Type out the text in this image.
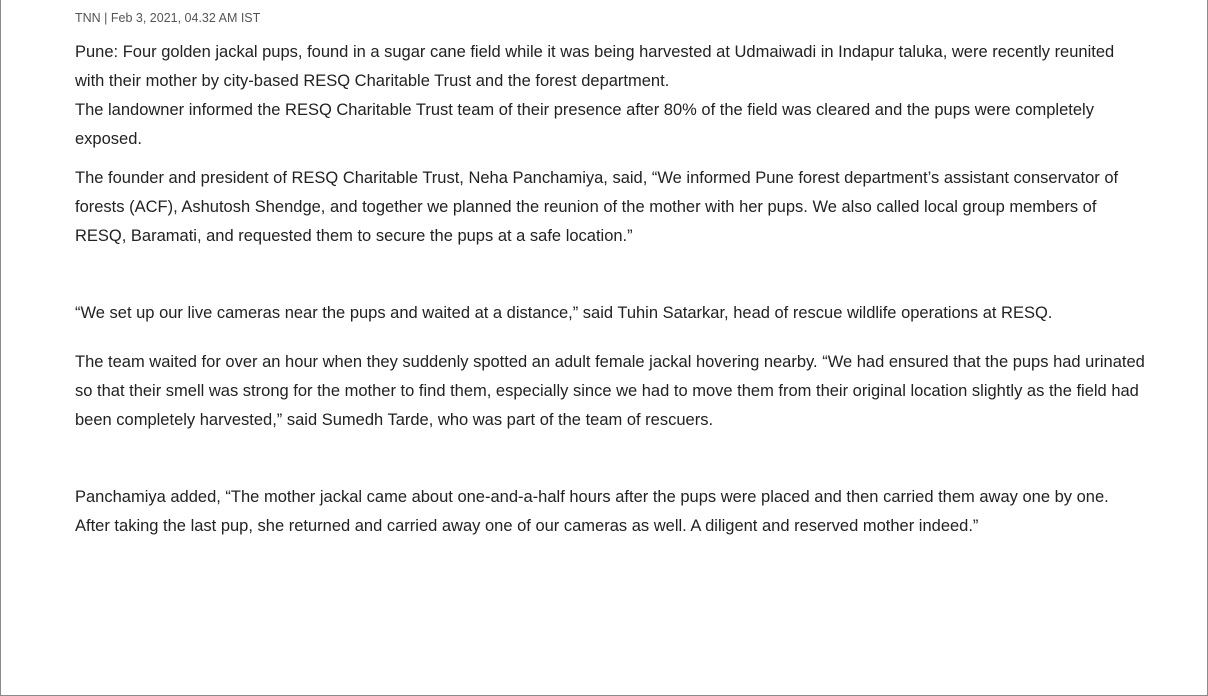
TNN | Feb 3, 2021, 04.32 AM IST

Pune: Four golden jackal pups, found in a sugar cane field while it was being harvested at Udmaiwadi in Indapur taluka, were recently reunited with their mother by city-based RESQ Charitable Trust and the forest department.

The landowner informed the RESQ Charitable Trust team of their presence after 80% of the field was cleared and the pups were completely exposed.

The founder and president of RESQ Charitable Trust, Neha Panchamiya, said, “We informed Pune forest department’s assistant conservator of forests (ACF), Ashutosh Shendge, and together we planned the reunion of the mother with her pups. We also called local group members of RESQ, Baramati, and requested them to secure the pups at a safe location.”

“We set up our live cameras near the pups and waited at a distance,” said Tuhin Satarkar, head of rescue wildlife operations at RESQ.

The team waited for over an hour when they suddenly spotted an adult female jackal hovering nearby. “We had ensured that the pups had urinated so that their smell was strong for the mother to find them, especially since we had to move them from their original location slightly as the field had been completely harvested,” said Sumedh Tarde, who was part of the team of rescuers.

Panchamiya added, “The mother jackal came about one-and-a-half hours after the pups were placed and then carried them away one by one. After taking the last pup, she returned and carried away one of our cameras as well. A diligent and reserved mother indeed.”
